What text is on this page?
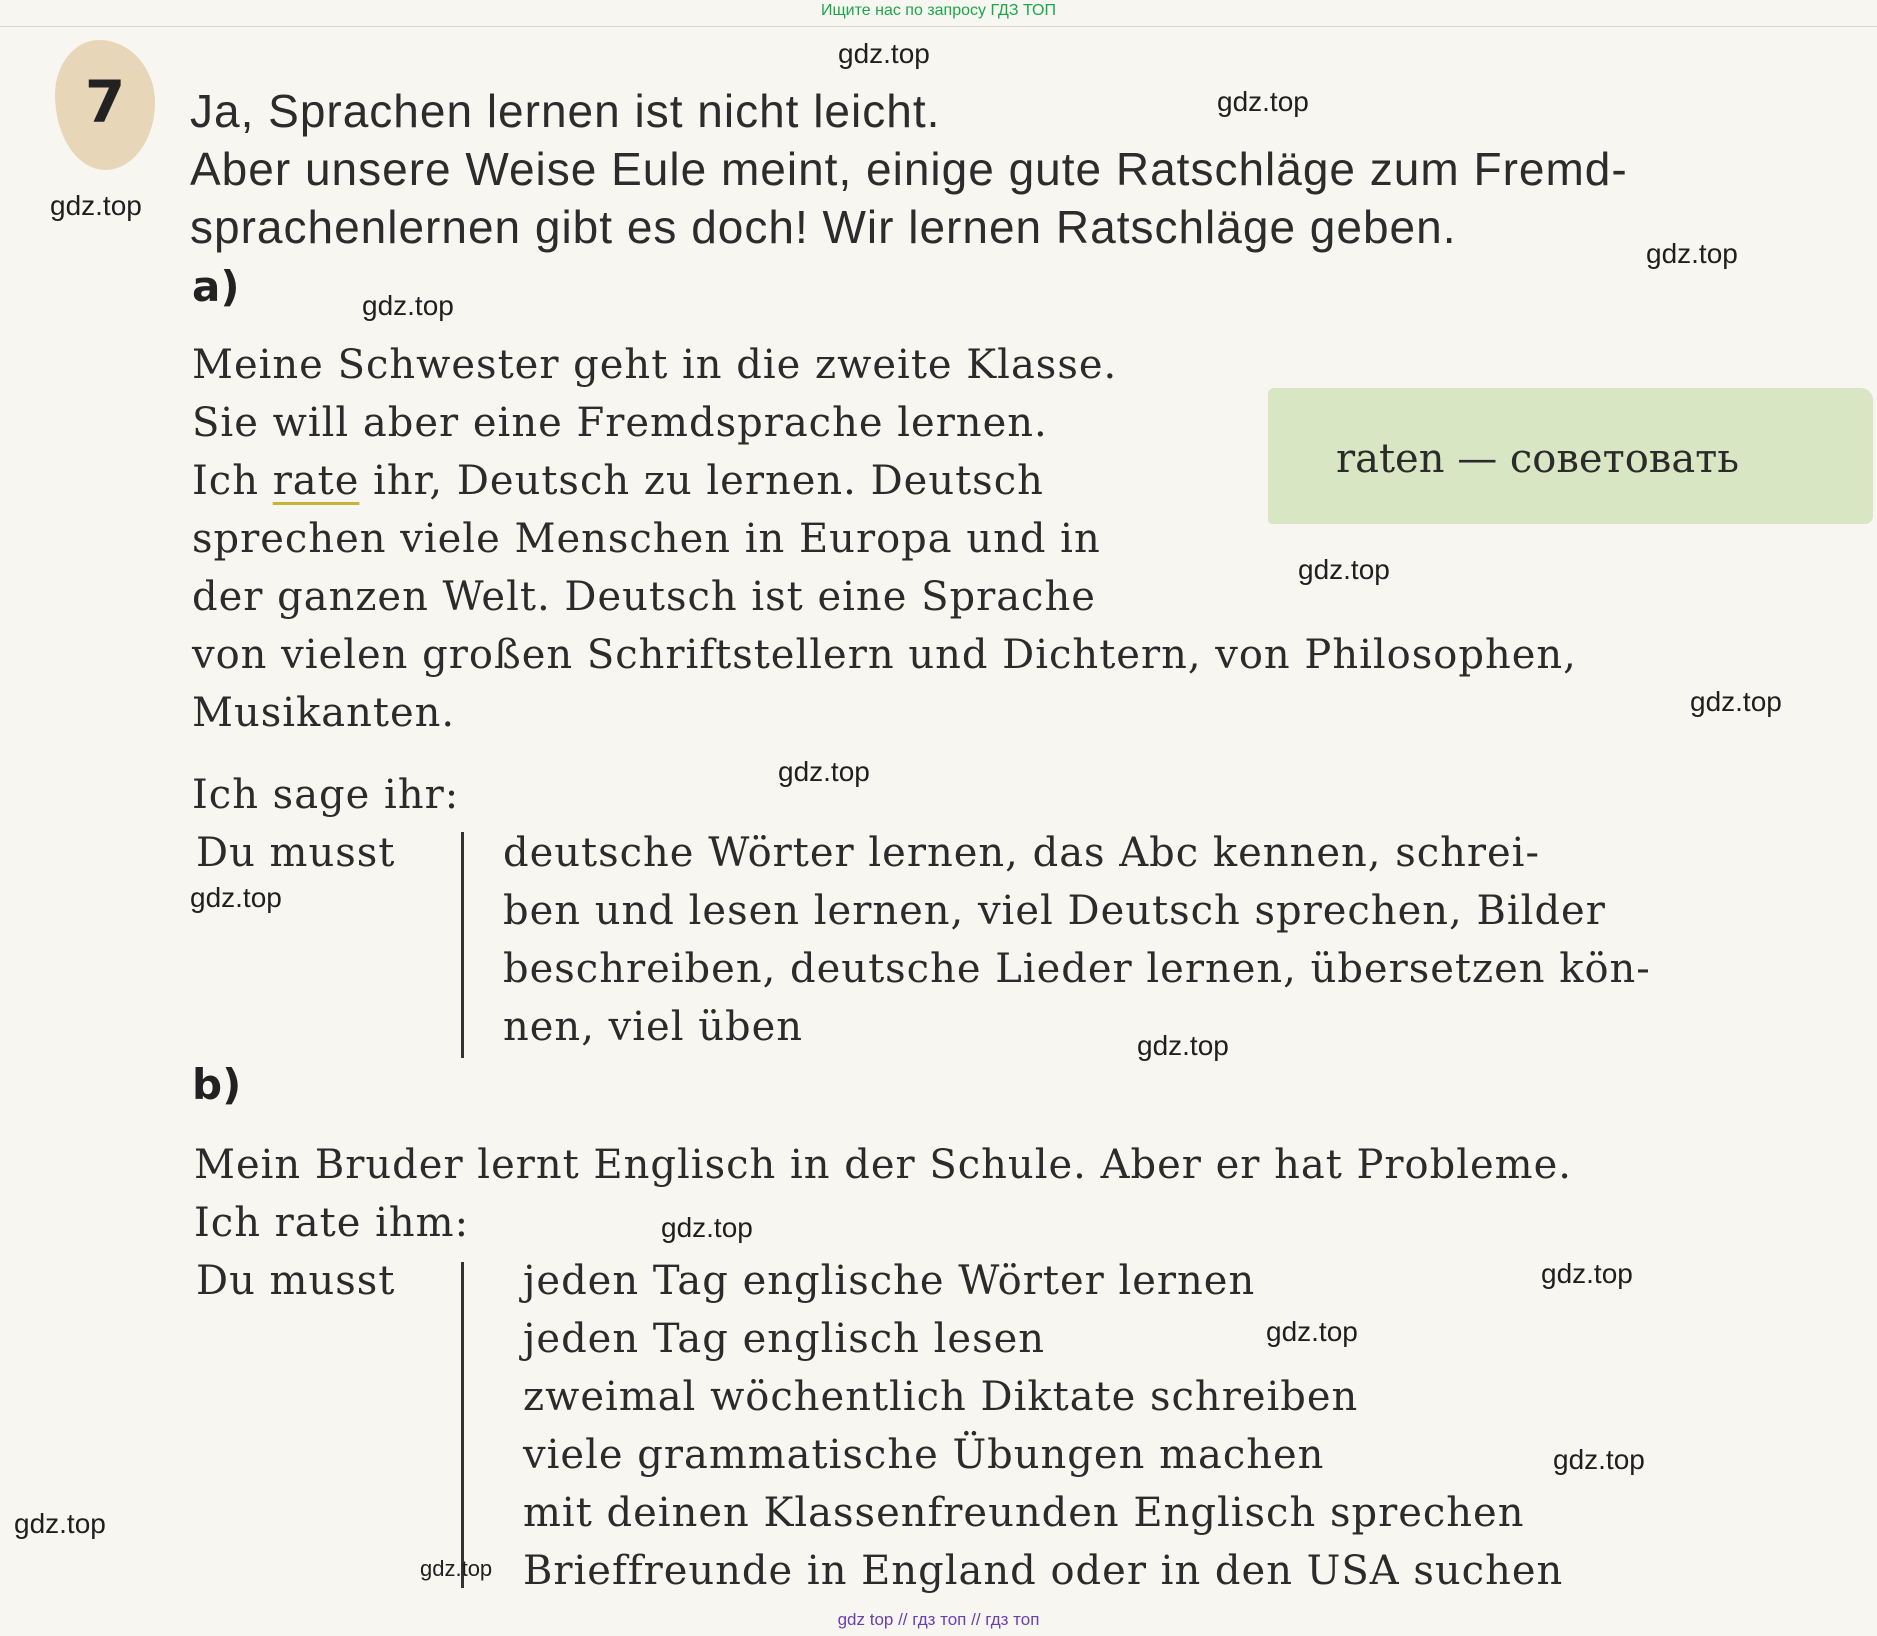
Ищите нас по запросу ГДЗ ТОП
7	Ja, Sprachen lernen ist nicht leicht.
Aber unsere Weise Eule meint, einige gute Ratschläge zum Fremd-
sprachenlernen gibt es doch! Wir lernen Ratschläge geben.
a)
Meine Schwester geht in die zweite Klasse.
Sie will aber eine Fremdsprache lernen.
Ich rate ihr, Deutsch zu lernen. Deutsch
sprechen viele Menschen in Europa und in
der ganzen Welt. Deutsch ist eine Sprache
von vielen großen Schriftstellern und Dichtern, von Philosophen,
Musikanten.
raten — советовать
Ich sage ihr:
Du musst	deutsche Wörter lernen, das Abc kennen, schrei-
ben und lesen lernen, viel Deutsch sprechen, Bilder
beschreiben, deutsche Lieder lernen, übersetzen kön-
nen, viel üben
b)
Mein Bruder lernt Englisch in der Schule. Aber er hat Probleme.
Ich rate ihm:
Du musst	jeden Tag englische Wörter lernen
jeden Tag englisch lesen
zweimal wöchentlich Diktate schreiben
viele grammatische Übungen machen
mit deinen Klassenfreunden Englisch sprechen
Brieffreunde in England oder in den USA suchen
gdz.top
gdz.top
gdz.top
gdz.top
gdz.top
gdz.top
gdz.top
gdz.top
gdz.top
gdz.top
gdz.top
gdz.top
gdz.top
gdz.top
gdz.top
gdz.top
gdz top // гдз топ // гдз топ
